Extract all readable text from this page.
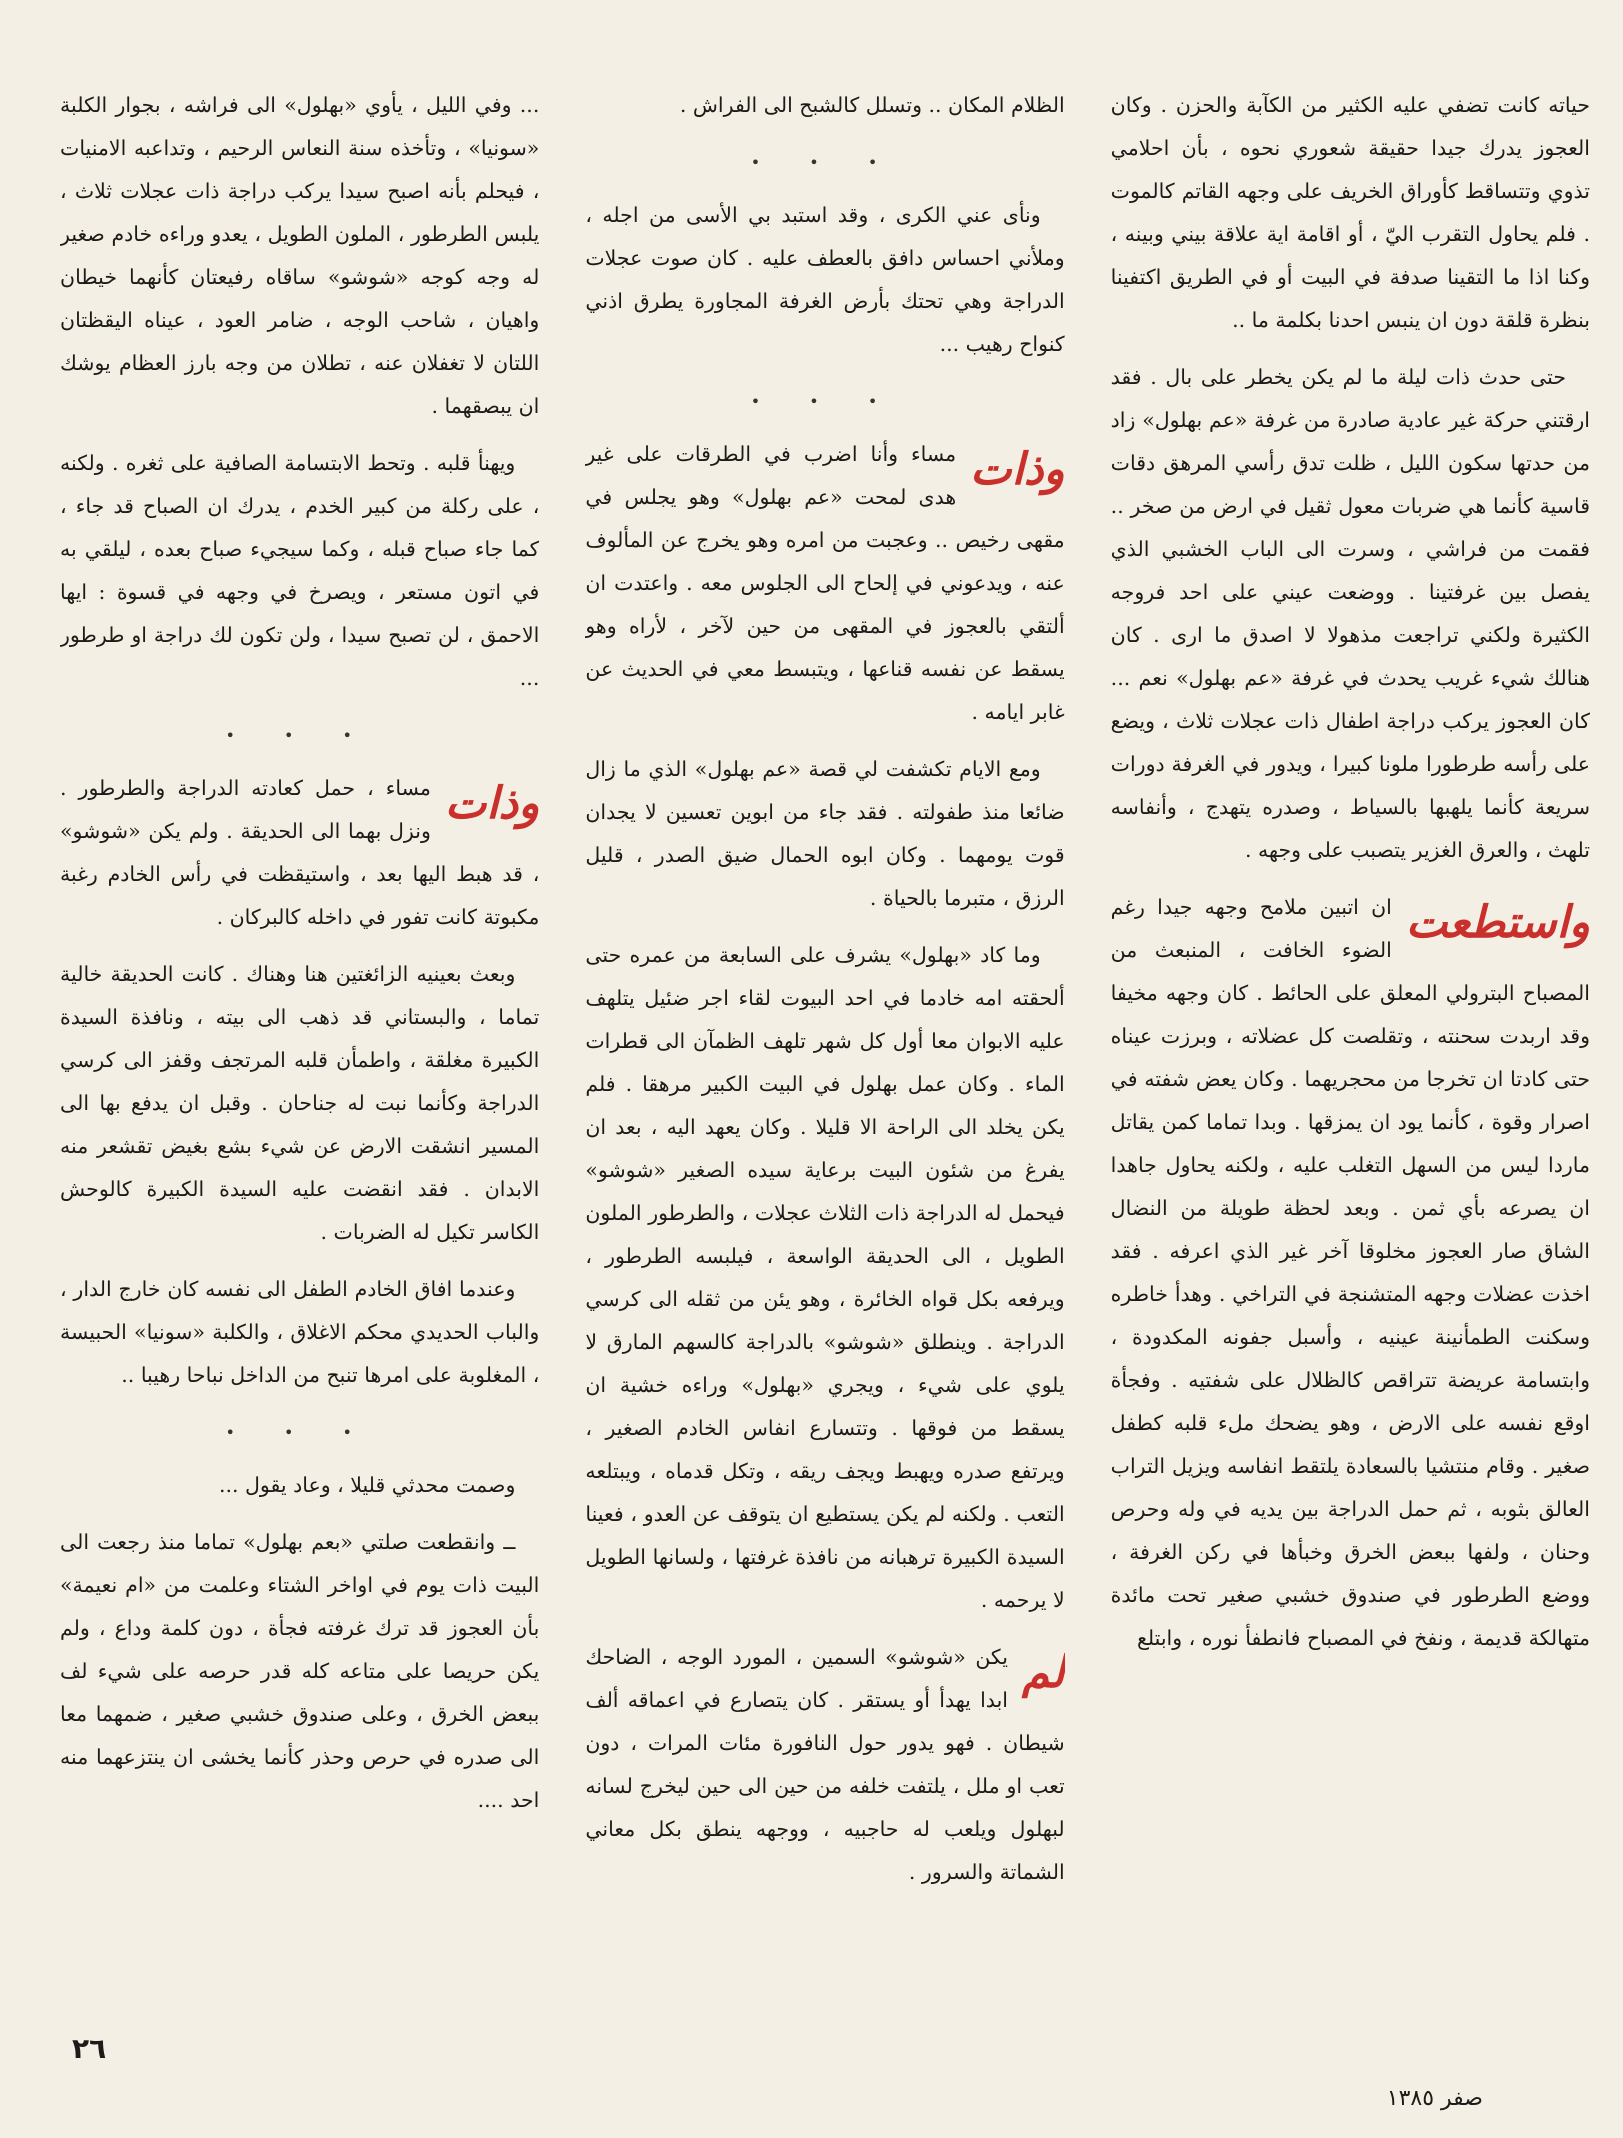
حياته كانت تضفي عليه الكثير من الكآبة والحزن . وكان العجوز يدرك جيدا حقيقة شعوري نحوه ، بأن احلامي تذوي وتتساقط كأوراق الخريف على وجهه القاتم كالموت . فلم يحاول التقرب اليّ ، أو اقامة اية علاقة بيني وبينه ، وكنا اذا ما التقينا صدفة في البيت أو في الطريق اكتفينا بنظرة قلقة دون ان ينبس احدنا بكلمة ما ..

حتى حدث ذات ليلة ما لم يكن يخطر على بال . فقد ارقتني حركة غير عادية صادرة من غرفة «عم بهلول» زاد من حدتها سكون الليل ، ظلت تدق رأسي المرهق دقات قاسية كأنما هي ضربات معول ثقيل في ارض من صخر .. فقمت من فراشي ، وسرت الى الباب الخشبي الذي يفصل بين غرفتينا . ووضعت عيني على احد فروجه الكثيرة ولكني تراجعت مذهولا لا اصدق ما ارى . كان هنالك شيء غريب يحدث في غرفة «عم بهلول» نعم ... كان العجوز يركب دراجة اطفال ذات عجلات ثلاث ، ويضع على رأسه طرطورا ملونا كبيرا ، ويدور في الغرفة دورات سريعة كأنما يلهبها بالسياط ، وصدره يتهدج ، وأنفاسه تلهث ، والعرق الغزير يتصبب على وجهه .

واستطعت
ان اتبين ملامح وجهه جيدا رغم الضوء الخافت ، المنبعث من المصباح البترولي المعلق على الحائط . كان وجهه مخيفا وقد اربدت سحنته ، وتقلصت كل عضلاته ، وبرزت عيناه حتى كادتا ان تخرجا من محجريهما . وكان يعض شفته في اصرار وقوة ، كأنما يود ان يمزقها . وبدا تماما كمن يقاتل ماردا ليس من السهل التغلب عليه ، ولكنه يحاول جاهدا ان يصرعه بأي ثمن . وبعد لحظة طويلة من النضال الشاق صار العجوز مخلوقا آخر غير الذي اعرفه . فقد اخذت عضلات وجهه المتشنجة في التراخي . وهدأ خاطره وسكنت الطمأنينة عينيه ، وأسبل جفونه المكدودة ، وابتسامة عريضة تتراقص كالظلال على شفتيه . وفجأة اوقع نفسه على الارض ، وهو يضحك ملء قلبه كطفل صغير . وقام منتشيا بالسعادة يلتقط انفاسه ويزيل التراب العالق بثوبه ، ثم حمل الدراجة بين يديه في وله وحرص وحنان ، ولفها ببعض الخرق وخبأها في ركن الغرفة ، ووضع الطرطور في صندوق خشبي صغير تحت مائدة متهالكة قديمة ، ونفخ في المصباح فانطفأ نوره ، وابتلع

الظلام المكان .. وتسلل كالشبح الى الفراش .

• • •

ونأى عني الكرى ، وقد استبد بي الأسى من اجله ، وملأني احساس دافق بالعطف عليه . كان صوت عجلات الدراجة وهي تحتك بأرض الغرفة المجاورة يطرق اذني كنواح رهيب ...

• • •

وذات
مساء وأنا اضرب في الطرقات على غير هدى لمحت «عم بهلول» وهو يجلس في مقهى رخيص .. وعجبت من امره وهو يخرج عن المألوف عنه ، ويدعوني في إلحاح الى الجلوس معه . واعتدت ان ألتقي بالعجوز في المقهى من حين لآخر ، لأراه وهو يسقط عن نفسه قناعها ، ويتبسط معي في الحديث عن غابر ايامه .

ومع الايام تكشفت لي قصة «عم بهلول» الذي ما زال ضائعا منذ طفولته . فقد جاء من ابوين تعسين لا يجدان قوت يومهما . وكان ابوه الحمال ضيق الصدر ، قليل الرزق ، متبرما بالحياة .

وما كاد «بهلول» يشرف على السابعة من عمره حتى ألحقته امه خادما في احد البيوت لقاء اجر ضئيل يتلهف عليه الابوان معا أول كل شهر تلهف الظمآن الى قطرات الماء . وكان عمل بهلول في البيت الكبير مرهقا . فلم يكن يخلد الى الراحة الا قليلا . وكان يعهد اليه ، بعد ان يفرغ من شئون البيت برعاية سيده الصغير «شوشو» فيحمل له الدراجة ذات الثلاث عجلات ، والطرطور الملون الطويل ، الى الحديقة الواسعة ، فيلبسه الطرطور ، ويرفعه بكل قواه الخائرة ، وهو يئن من ثقله الى كرسي الدراجة . وينطلق «شوشو» بالدراجة كالسهم المارق لا يلوي على شيء ، ويجري «بهلول» وراءه خشية ان يسقط من فوقها . وتتسارع انفاس الخادم الصغير ، ويرتفع صدره ويهبط ويجف ريقه ، وتكل قدماه ، ويبتلعه التعب . ولكنه لم يكن يستطيع ان يتوقف عن العدو ، فعينا السيدة الكبيرة ترهبانه من نافذة غرفتها ، ولسانها الطويل لا يرحمه .

لم
يكن «شوشو» السمين ، المورد الوجه ، الضاحك ابدا يهدأ أو يستقر . كان يتصارع في اعماقه ألف شيطان . فهو يدور حول النافورة مئات المرات ، دون تعب او ملل ، يلتفت خلفه من حين الى حين ليخرج لسانه لبهلول ويلعب له حاجبيه ، ووجهه ينطق بكل معاني الشماتة والسرور .

... وفي الليل ، يأوي «بهلول» الى فراشه ، بجوار الكلبة «سونيا» ، وتأخذه سنة النعاس الرحيم ، وتداعبه الامنيات ، فيحلم بأنه اصبح سيدا يركب دراجة ذات عجلات ثلاث ، يلبس الطرطور ، الملون الطويل ، يعدو وراءه خادم صغير له وجه كوجه «شوشو» ساقاه رفيعتان كأنهما خيطان واهيان ، شاحب الوجه ، ضامر العود ، عيناه اليقظتان اللتان لا تغفلان عنه ، تطلان من وجه بارز العظام يوشك ان يبصقهما .

ويهنأ قلبه . وتحط الابتسامة الصافية على ثغره . ولكنه ، على ركلة من كبير الخدم ، يدرك ان الصباح قد جاء ، كما جاء صباح قبله ، وكما سيجيء صباح بعده ، ليلقي به في اتون مستعر ، ويصرخ في وجهه في قسوة : ايها الاحمق ، لن تصبح سيدا ، ولن تكون لك دراجة او طرطور ...

• • •

وذات
مساء ، حمل كعادته الدراجة والطرطور . ونزل بهما الى الحديقة . ولم يكن «شوشو» ، قد هبط اليها بعد ، واستيقظت في رأس الخادم رغبة مكبوتة كانت تفور في داخله كالبركان .

وبعث بعينيه الزائغتين هنا وهناك . كانت الحديقة خالية تماما ، والبستاني قد ذهب الى بيته ، ونافذة السيدة الكبيرة مغلقة ، واطمأن قلبه المرتجف وقفز الى كرسي الدراجة وكأنما نبت له جناحان . وقبل ان يدفع بها الى المسير انشقت الارض عن شيء بشع بغيض تقشعر منه الابدان . فقد انقضت عليه السيدة الكبيرة كالوحش الكاسر تكيل له الضربات .

وعندما افاق الخادم الطفل الى نفسه كان خارج الدار ، والباب الحديدي محكم الاغلاق ، والكلبة «سونيا» الحبيسة ، المغلوبة على امرها تنبح من الداخل نباحا رهيبا ..

• • •

وصمت محدثي قليلا ، وعاد يقول ...

ــ وانقطعت صلتي «بعم بهلول» تماما منذ رجعت الى البيت ذات يوم في اواخر الشتاء وعلمت من «ام نعيمة» بأن العجوز قد ترك غرفته فجأة ، دون كلمة وداع ، ولم يكن حريصا على متاعه كله قدر حرصه على شيء لف ببعض الخرق ، وعلى صندوق خشبي صغير ، ضمهما معا الى صدره في حرص وحذر كأنما يخشى ان ينتزعهما منه احد ....

٢٦
صفر ١٣٨٥
